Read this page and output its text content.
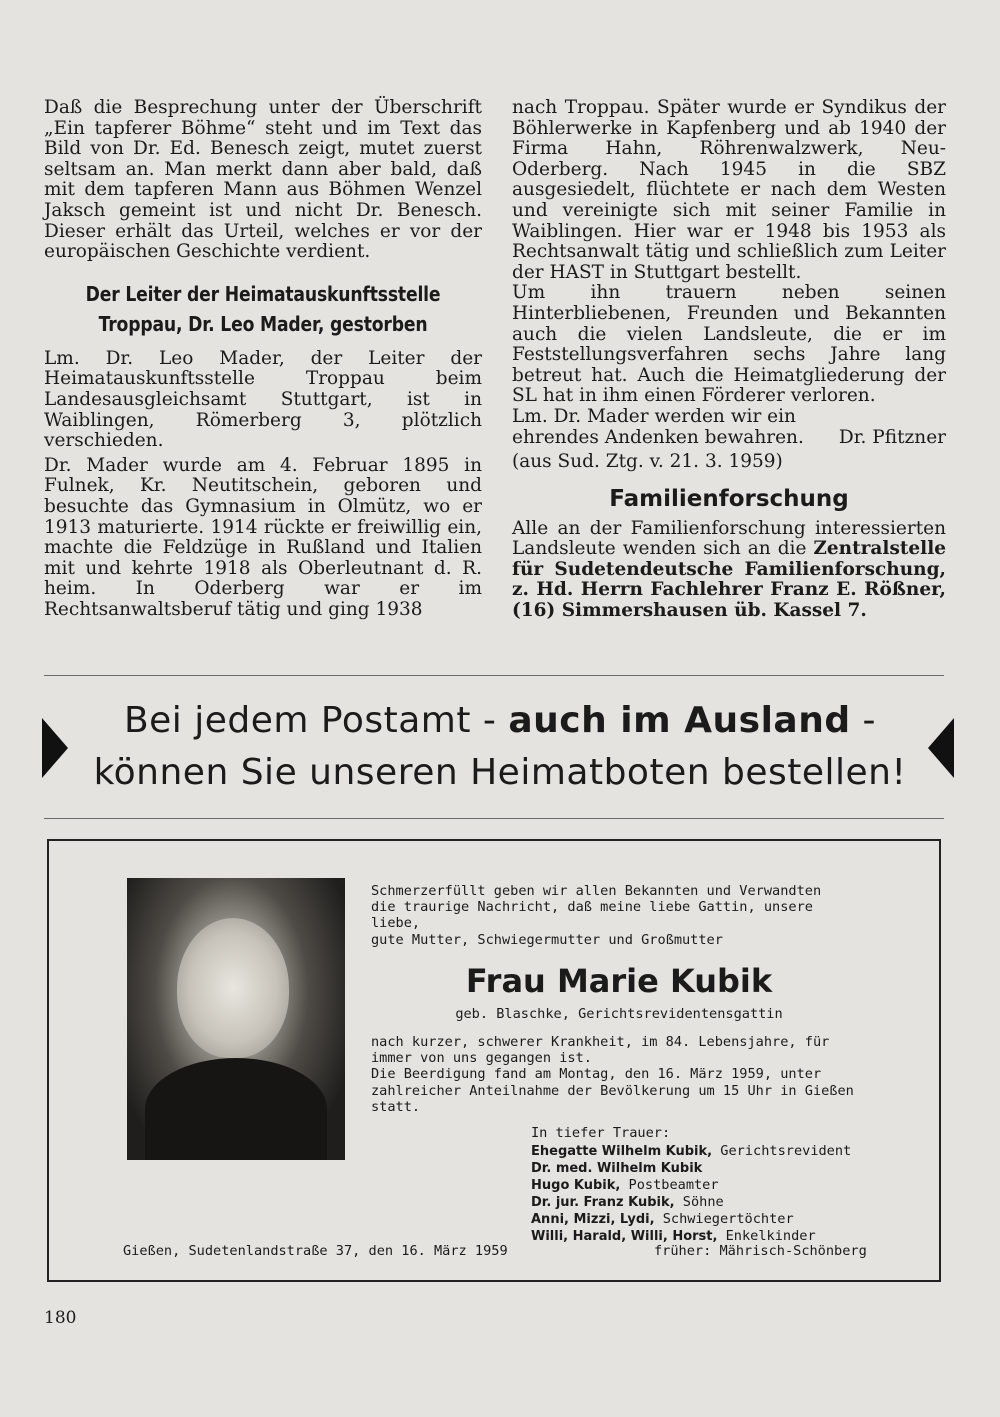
Daß die Besprechung unter der Überschrift „Ein tapferer Böhme“ steht und im Text das Bild von Dr. Ed. Benesch zeigt, mutet zuerst seltsam an. Man merkt dann aber bald, daß mit dem tapferen Mann aus Böhmen Wenzel Jaksch gemeint ist und nicht Dr. Benesch. Dieser erhält das Urteil, welches er vor der europäischen Geschichte verdient.

Der Leiter der Heimatauskunftsstelle
Troppau, Dr. Leo Mader, gestorben

Lm. Dr. Leo Mader, der Leiter der Heimatauskunftsstelle Troppau beim Landesausgleichsamt Stuttgart, ist in Waiblingen, Römerberg 3, plötzlich verschieden.

Dr. Mader wurde am 4. Februar 1895 in Fulnek, Kr. Neutitschein, geboren und besuchte das Gymnasium in Olmütz, wo er 1913 maturierte. 1914 rückte er freiwillig ein, machte die Feldzüge in Rußland und Italien mit und kehrte 1918 als Oberleutnant d. R. heim. In Oderberg war er im Rechtsanwaltsberuf tätig und ging 1938

nach Troppau. Später wurde er Syndikus der Böhlerwerke in Kapfenberg und ab 1940 der Firma Hahn, Röhrenwalzwerk, Neu-Oderberg. Nach 1945 in die SBZ ausgesiedelt, flüchtete er nach dem Westen und vereinigte sich mit seiner Familie in Waiblingen. Hier war er 1948 bis 1953 als Rechtsanwalt tätig und schließlich zum Leiter der HAST in Stuttgart bestellt.

Um ihn trauern neben seinen Hinterbliebenen, Freunden und Bekannten auch die vielen Landsleute, die er im Feststellungsverfahren sechs Jahre lang betreut hat. Auch die Heimatgliederung der SL hat in ihm einen Förderer verloren.

Lm. Dr. Mader werden wir ein ehrendes Andenken bewahren.	Dr. Pfitzner

(aus Sud. Ztg. v. 21. 3. 1959)

Familienforschung

Alle an der Familienforschung interessierten Landsleute wenden sich an die Zentralstelle für Sudetendeutsche Familienforschung, z. Hd. Herrn Fachlehrer Franz E. Rößner, (16) Simmershausen üb. Kassel 7.

Bei jedem Postamt - auch im Ausland -
können Sie unseren Heimatboten bestellen!

Schmerzerfüllt geben wir allen Bekannten und Verwandten

die traurige Nachricht, daß meine liebe Gattin, unsere liebe,

gute Mutter, Schwiegermutter und Großmutter

Frau Marie Kubik

geb. Blaschke, Gerichtsrevidentensgattin

nach kurzer, schwerer Krankheit, im 84. Lebensjahre, für

immer von uns gegangen ist.

Die Beerdigung fand am Montag, den 16. März 1959, unter

zahlreicher Anteilnahme der Bevölkerung um 15 Uhr in Gießen

statt.

In tiefer Trauer:

Ehegatte Wilhelm Kubik, Gerichtsrevident

Dr. med. Wilhelm Kubik

Hugo Kubik, Postbeamter

Dr. jur. Franz Kubik, Söhne

Anni, Mizzi, Lydi, Schwiegertöchter

Willi, Harald, Willi, Horst, Enkelkinder

Gießen, Sudetenlandstraße 37, den 16. März 1959	früher: Mährisch-Schönberg
180
